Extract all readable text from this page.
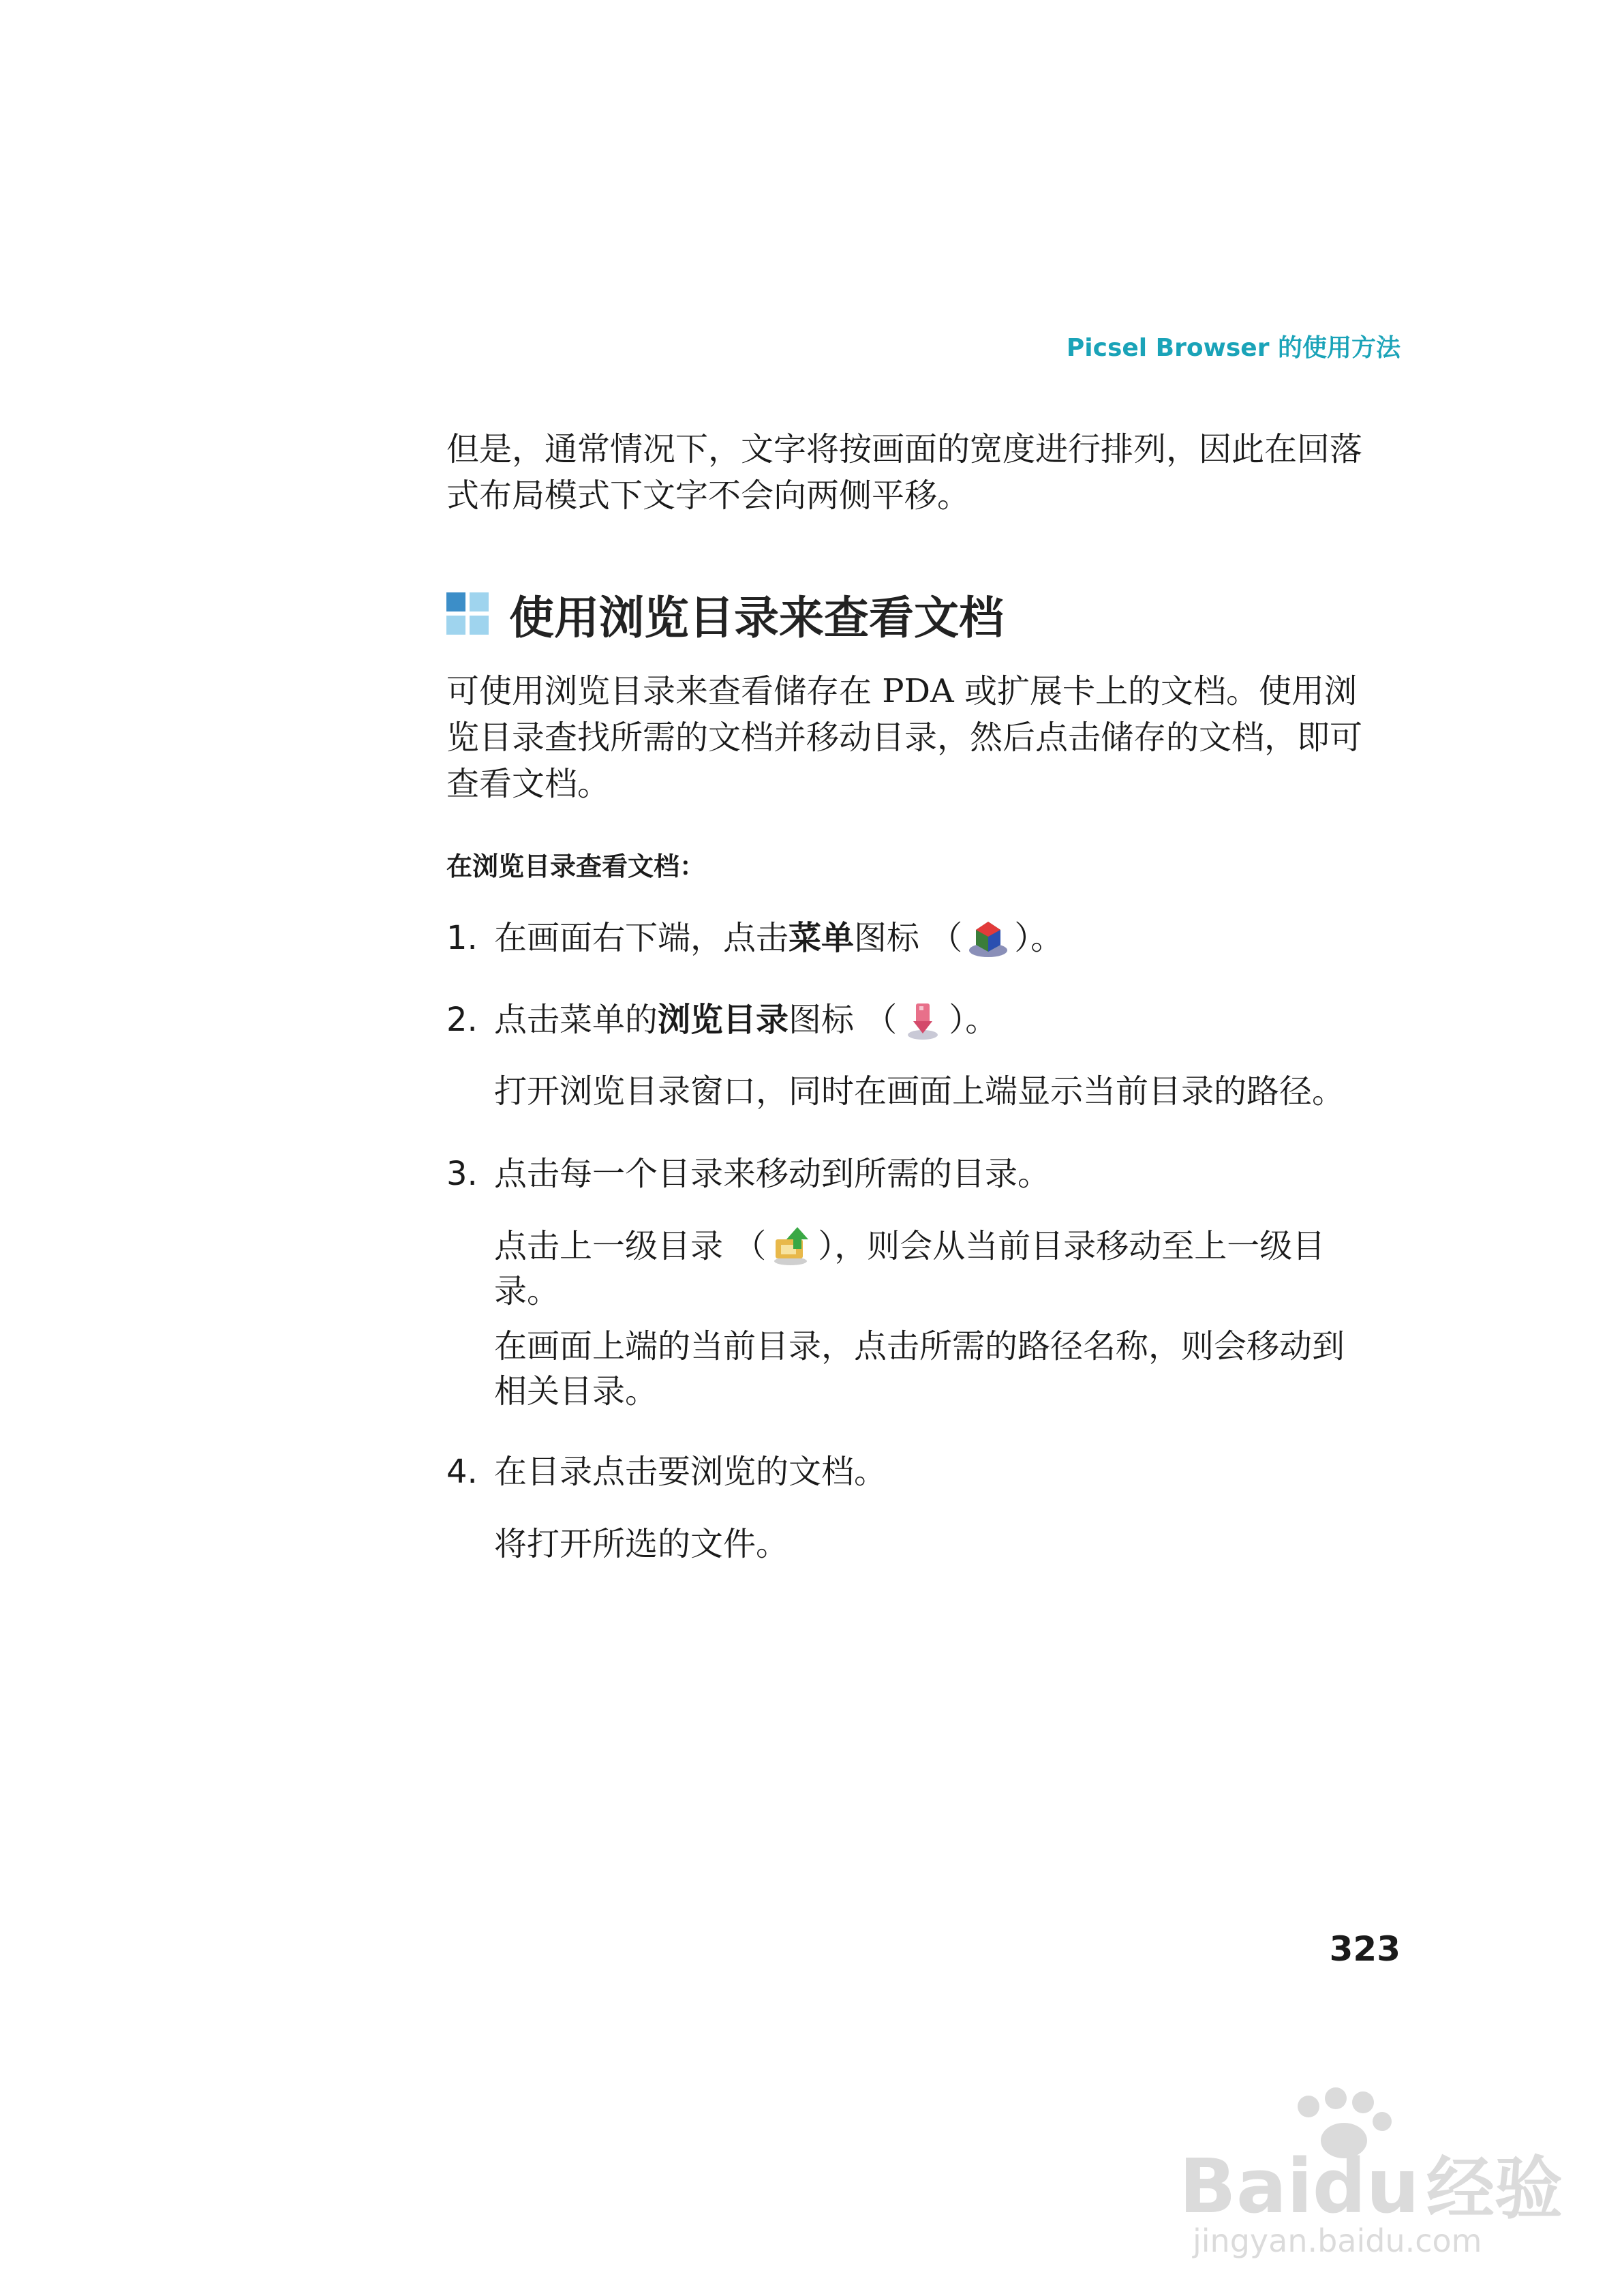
Picsel Browser 的使用方法
但是，通常情况下，文字将按画面的宽度进行排列，因此在回落
式布局模式下文字不会向两侧平移。
使用浏览目录来查看文档
可使用浏览目录来查看储存在 PDA 或扩展卡上的文档。使用浏
览目录查找所需的文档并移动目录，然后点击储存的文档，即可
查看文档。
在浏览目录查看文档：
1. 在画面右下端，点击 菜单 图标 （ ）。
2. 点击菜单的 浏览目录 图标 （ ）。
打开浏览目录窗口，同时在画面上端显示当前目录的路径。
3. 点击每一个目录来移动到所需的目录。
点击上一级目录 （ ），则会从当前目录移动至上一级目
录。
在画面上端的当前目录，点击所需的路径名称，则会移动到
相关目录。
4. 在目录点击要浏览的文档。
将打开所选的文件。
323
Baidu 经验
jingyan.baidu.com
